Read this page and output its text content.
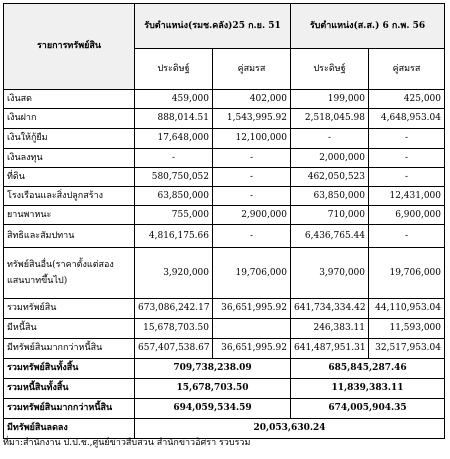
รายการทรัพย์สิน	รับตำแหน่ง(รมช.คลัง)25 ก.ย. 51		รับตำแหน่ง(ส.ส.) 6 ก.พ. 56	
	ประดิษฐ์	คู่สมรส	ประดิษฐ์	คู่สมรส
เงินสด	459,000	402,000	199,000	425,000
เงินฝาก	888,014.51	1,543,995.92	2,518,045.98	4,648,953.04
เงินให้กู้ยืม	17,648,000	12,100,000	-	-
เงินลงทุน	-	-	2,000,000	-
ที่ดิน	580,750,052	-	462,050,523	-
โรงเรือนและสิ่งปลูกสร้าง	63,850,000	-	63,850,000	12,431,000
ยานพาหนะ	755,000	2,900,000	710,000	6,900,000
สิทธิและสัมปทาน	4,816,175.66	-	6,436,765.44	-
ทรัพย์สินอื่น(ราคาตั้งแต่สอง
แสนบาทขึ้นไป)	3,920,000	19,706,000	3,970,000	19,706,000
รวมทรัพย์สิน	673,086,242.17	36,651,995.92	641,734,334.42	44,110,953.04
มีหนี้สิน	15,678,703.50		246,383.11	11,593,000
มีทรัพย์สินมากกว่าหนี้สิน	657,407,538.67	36,651,995.92	641,487,951.31	32,517,953.04
รวมทรัพย์สินทั้งสิ้น	709,738,238.09		685,845,287.46	
รวมหนี้สินทั้งสิ้น	15,678,703.50		11,839,383.11	
รวมทรัพย์สินมากกว่าหนี้สิน	694,059,534.59		674,005,904.35	
มีทรัพย์สินลดลง	20,053,630.24			
ที่มา:สำนักงาน ป.ป.ช.,ศูนย์ข่าวสืบสวน สำนักข่าวอิศรา รวบรวม
